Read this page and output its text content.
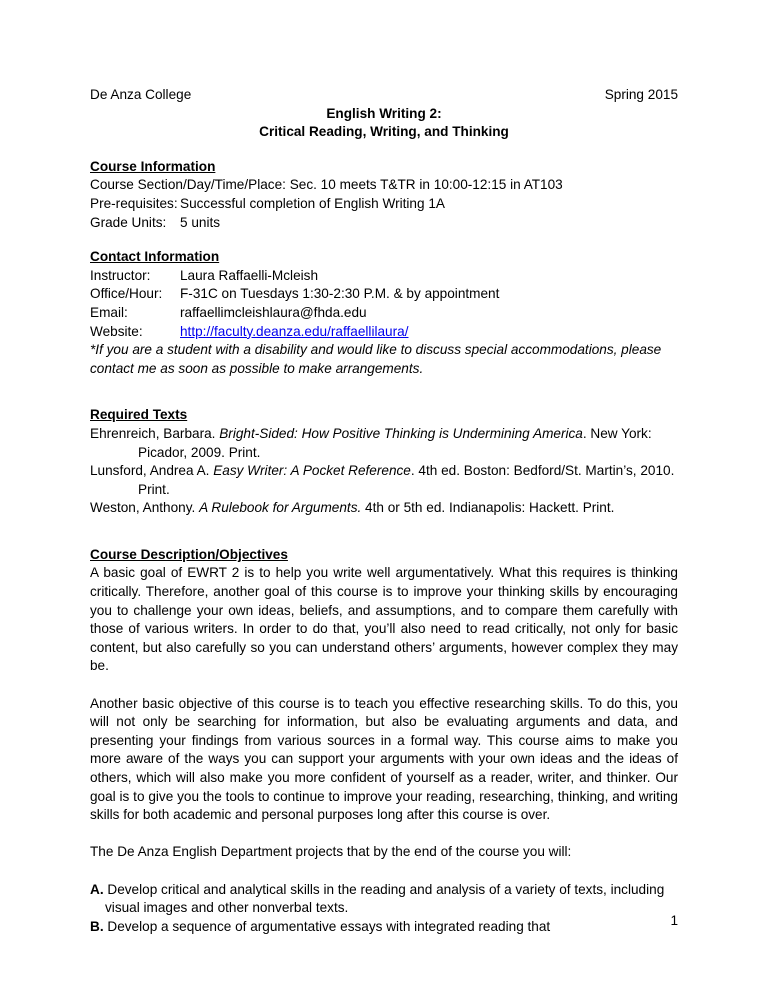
De Anza College	Spring 2015
English Writing 2:
Critical Reading, Writing, and Thinking
Course Information
Course Section/Day/Time/Place: Sec. 10 meets T&TR in 10:00-12:15 in AT103
Pre-requisites: Successful completion of English Writing 1A
Grade Units:	5 units
Contact Information
Instructor:	Laura Raffaelli-Mcleish
Office/Hour:	F-31C on Tuesdays 1:30-2:30 P.M. & by appointment
Email:	raffaellimcleishlaura@fhda.edu
Website:	http://faculty.deanza.edu/raffaellilaura/
*If you are a student with a disability and would like to discuss special accommodations, please contact me as soon as possible to make arrangements.
Required Texts

Ehrenreich, Barbara. Bright-Sided: How Positive Thinking is Undermining America. New York: Picador, 2009. Print.

Lunsford, Andrea A. Easy Writer: A Pocket Reference. 4th ed. Boston: Bedford/St. Martin’s, 2010. Print.

Weston, Anthony. A Rulebook for Arguments. 4th or 5th ed. Indianapolis: Hackett. Print.

Course Description/Objectives

A basic goal of EWRT 2 is to help you write well argumentatively. What this requires is thinking critically. Therefore, another goal of this course is to improve your thinking skills by encouraging you to challenge your own ideas, beliefs, and assumptions, and to compare them carefully with those of various writers. In order to do that, you’ll also need to read critically, not only for basic content, but also carefully so you can understand others’ arguments, however complex they may be.

Another basic objective of this course is to teach you effective researching skills. To do this, you will not only be searching for information, but also be evaluating arguments and data, and presenting your findings from various sources in a formal way. This course aims to make you more aware of the ways you can support your arguments with your own ideas and the ideas of others, which will also make you more confident of yourself as a reader, writer, and thinker. Our goal is to give you the tools to continue to improve your reading, researching, thinking, and writing skills for both academic and personal purposes long after this course is over.

The De Anza English Department projects that by the end of the course you will:

A. Develop critical and analytical skills in the reading and analysis of a variety of texts, including visual images and other nonverbal texts.
B. Develop a sequence of argumentative essays with integrated reading that	1
